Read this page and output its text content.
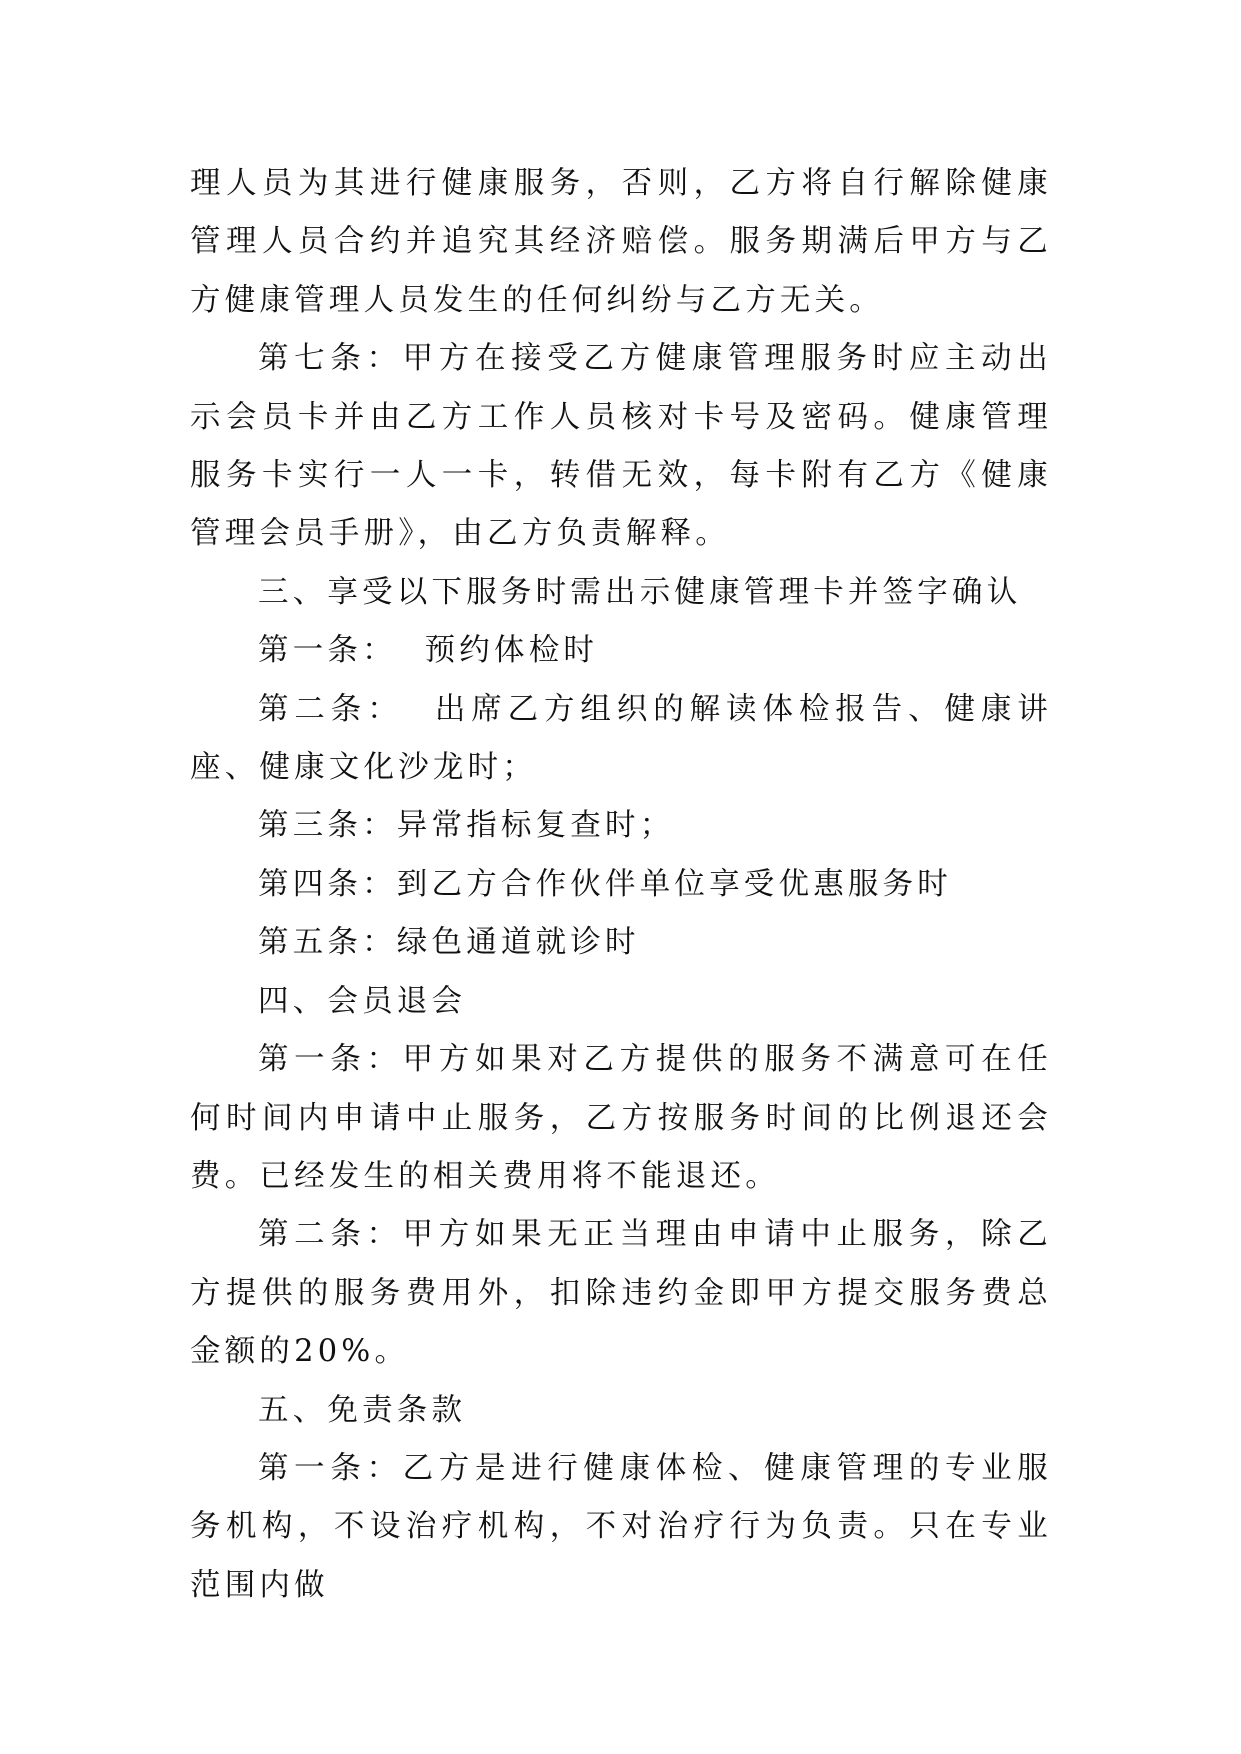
理人员为其进行健康服务，否则，乙方将自行解除健康管理人员合约并追究其经济赔偿。服务期满后甲方与乙方健康管理人员发生的任何纠纷与乙方无关。

第七条：甲方在接受乙方健康管理服务时应主动出示会员卡并由乙方工作人员核对卡号及密码。健康管理服务卡实行一人一卡，转借无效，每卡附有乙方《健康管理会员手册》，由乙方负责解释。

三、享受以下服务时需出示健康管理卡并签字确认

第一条：  预约体检时

第二条：  出席乙方组织的解读体检报告、健康讲座、健康文化沙龙时；

第三条：异常指标复查时；

第四条：到乙方合作伙伴单位享受优惠服务时

第五条：绿色通道就诊时

四、会员退会

第一条：甲方如果对乙方提供的服务不满意可在任何时间内申请中止服务，乙方按服务时间的比例退还会费。已经发生的相关费用将不能退还。

第二条：甲方如果无正当理由申请中止服务，除乙方提供的服务费用外，扣除违约金即甲方提交服务费总金额的20%。

五、免责条款

第一条：乙方是进行健康体检、健康管理的专业服务机构，不设治疗机构，不对治疗行为负责。只在专业范围内做
